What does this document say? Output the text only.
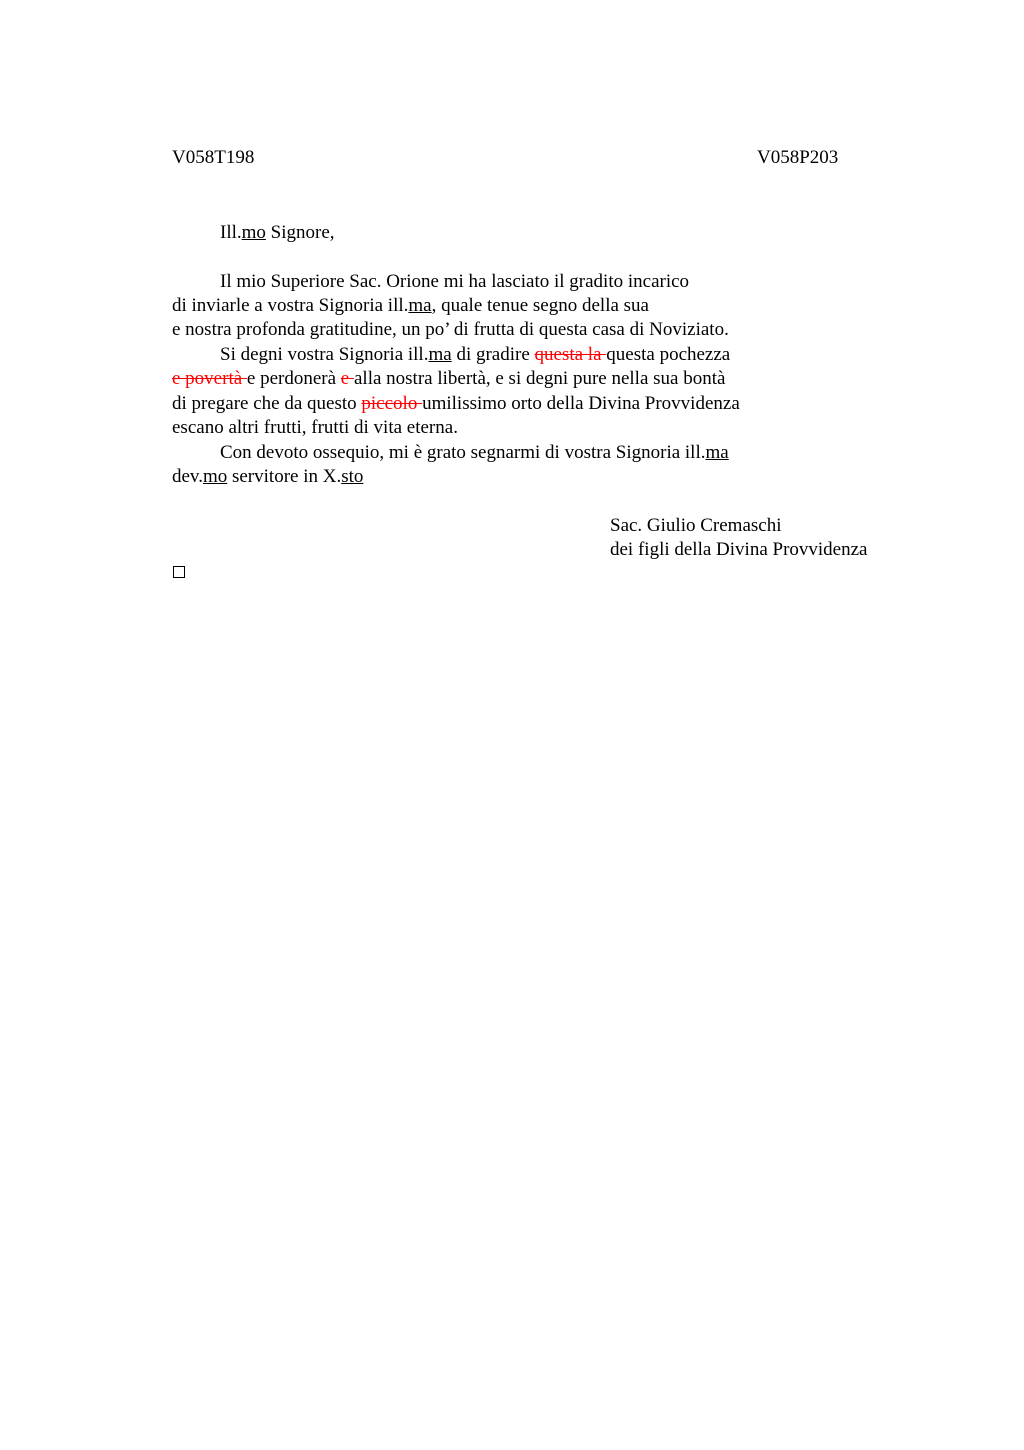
V058T198	V058P203
Ill.mo Signore,
Il mio Superiore Sac. Orione mi ha lasciato il gradito incarico
di inviarle a vostra Signoria ill.ma, quale tenue segno della sua
e nostra profonda gratitudine, un po’ di frutta di questa casa di Noviziato.
Si degni vostra Signoria ill.ma di gradire questa la questa pochezza
e povertà e perdonerà e alla nostra libertà, e si degni pure nella sua bontà
di pregare che da questo piccolo umilissimo orto della Divina Provvidenza
escano altri frutti, frutti di vita eterna.
Con devoto ossequio, mi è grato segnarmi di vostra Signoria ill.ma
dev.mo servitore in X.sto
Sac. Giulio Cremaschi
dei figli della Divina Provvidenza
